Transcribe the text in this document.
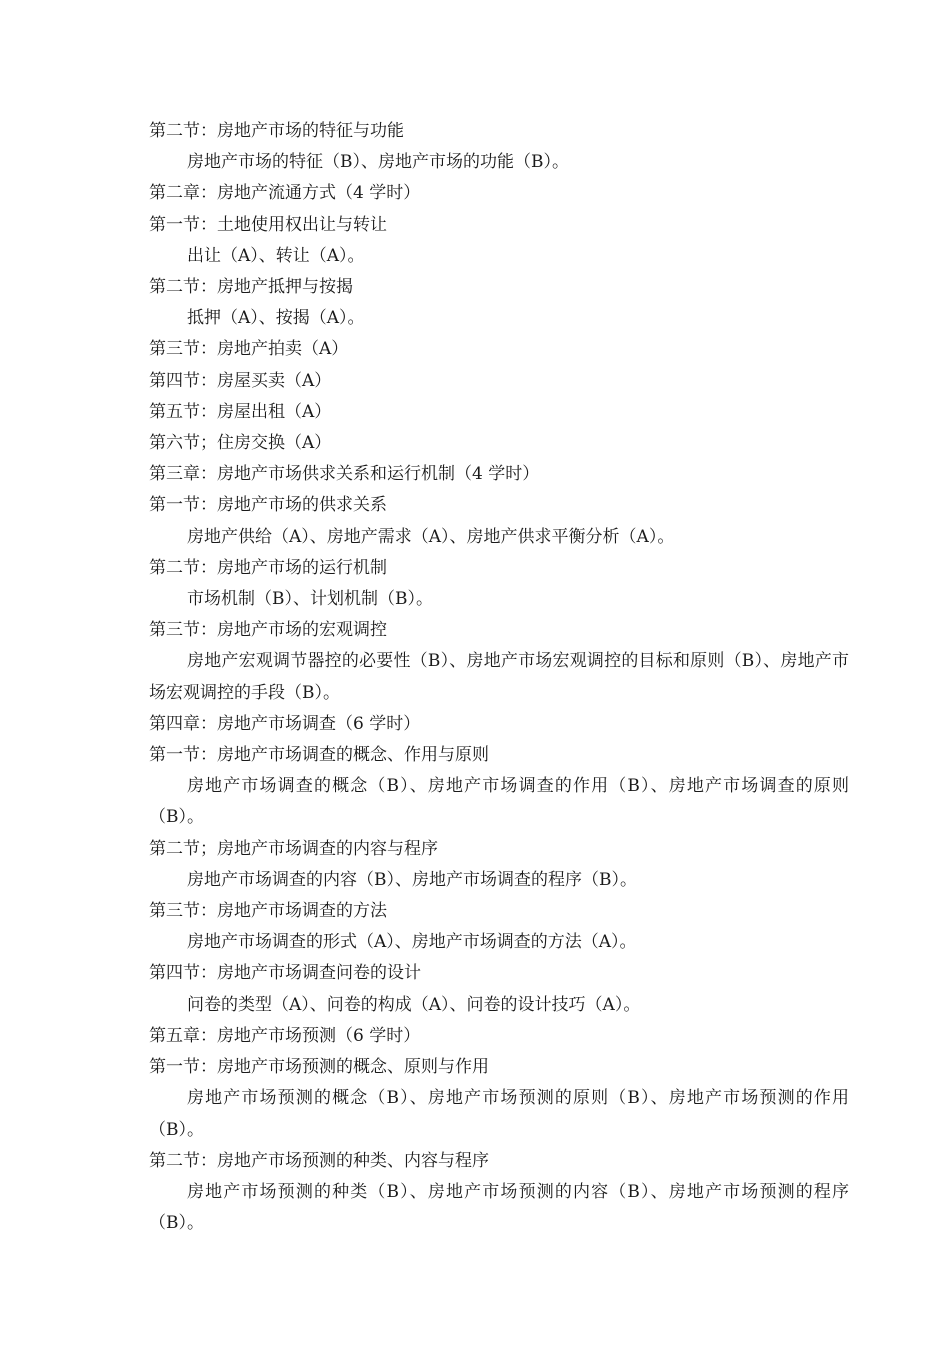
第二节：房地产市场的特征与功能

房地产市场的特征（B）、房地产市场的功能（B）。

第二章：房地产流通方式（4 学时）

第一节：土地使用权出让与转让

出让（A）、转让（A）。

第二节：房地产抵押与按揭

抵押（A）、按揭（A）。

第三节：房地产拍卖（A）

第四节：房屋买卖（A）

第五节：房屋出租（A）

第六节；住房交换（A）

第三章：房地产市场供求关系和运行机制（4 学时）

第一节：房地产市场的供求关系

房地产供给（A）、房地产需求（A）、房地产供求平衡分析（A）。

第二节：房地产市场的运行机制

市场机制（B）、计划机制（B）。

第三节：房地产市场的宏观调控

房地产宏观调节器控的必要性（B）、房地产市场宏观调控的目标和原则（B）、房地产市场宏观调控的手段（B）。

第四章：房地产市场调查（6 学时）

第一节：房地产市场调查的概念、作用与原则

房地产市场调查的概念（B）、房地产市场调查的作用（B）、房地产市场调查的原则（B）。

第二节；房地产市场调查的内容与程序

房地产市场调查的内容（B）、房地产市场调查的程序（B）。

第三节：房地产市场调查的方法

房地产市场调查的形式（A）、房地产市场调查的方法（A）。

第四节：房地产市场调查问卷的设计

问卷的类型（A）、问卷的构成（A）、问卷的设计技巧（A）。

第五章：房地产市场预测（6 学时）

第一节：房地产市场预测的概念、原则与作用

房地产市场预测的概念（B）、房地产市场预测的原则（B）、房地产市场预测的作用（B）。

第二节：房地产市场预测的种类、内容与程序

房地产市场预测的种类（B）、房地产市场预测的内容（B）、房地产市场预测的程序（B）。
